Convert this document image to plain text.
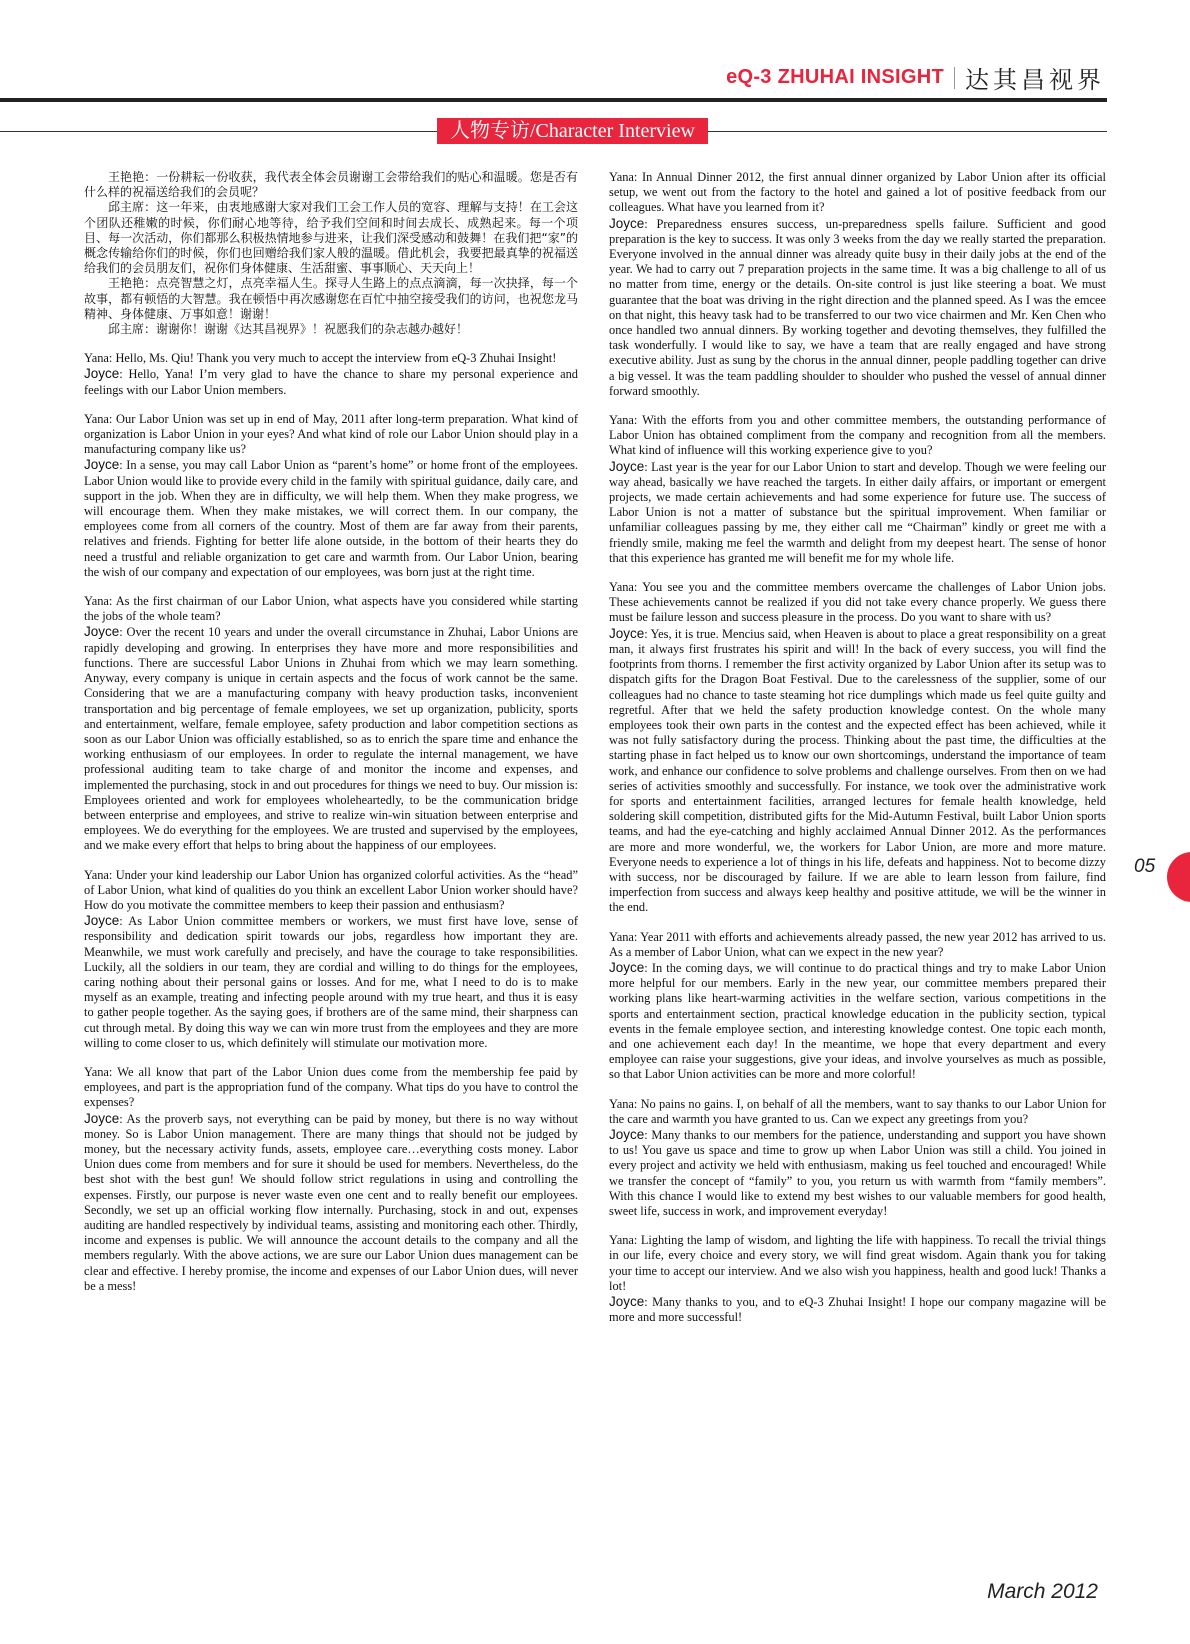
eQ-3 ZHUHAI INSIGHT 达其昌视界
人物专访/Character Interview

王艳艳：一份耕耘一份收获，我代表全体会员谢谢工会带给我们的贴心和温暖。您是否有什么样的祝福送给我们的会员呢？

邱主席：这一年来，由衷地感谢大家对我们工会工作人员的宽容、理解与支持！在工会这个团队还稚嫩的时候，你们耐心地等待，给予我们空间和时间去成长、成熟起来。每一个项目、每一次活动，你们都那么积极热情地参与进来，让我们深受感动和鼓舞！在我们把“家”的概念传输给你们的时候，你们也回赠给我们家人般的温暖。借此机会，我要把最真挚的祝福送给我们的会员朋友们，祝你们身体健康、生活甜蜜、事事顺心、天天向上！

王艳艳：点亮智慧之灯，点亮幸福人生。探寻人生路上的点点滴滴，每一次抉择，每一个故事，都有顿悟的大智慧。我在顿悟中再次感谢您在百忙中抽空接受我们的访问，也祝您龙马精神、身体健康、万事如意！谢谢！

邱主席：谢谢你！谢谢《达其昌视界》！祝愿我们的杂志越办越好！

Yana: Hello, Ms. Qiu! Thank you very much to accept the interview from eQ-3 Zhuhai Insight!

Joyce: Hello, Yana! I’m very glad to have the chance to share my personal experience and feelings with our Labor Union members.

Yana: Our Labor Union was set up in end of May, 2011 after long-term preparation. What kind of organization is Labor Union in your eyes? And what kind of role our Labor Union should play in a manufacturing company like us?

Joyce: In a sense, you may call Labor Union as “parent’s home” or home front of the employees. Labor Union would like to provide every child in the family with spiritual guidance, daily care, and support in the job. When they are in difficulty, we will help them. When they make progress, we will encourage them. When they make mistakes, we will correct them. In our company, the employees come from all corners of the country. Most of them are far away from their parents, relatives and friends. Fighting for better life alone outside, in the bottom of their hearts they do need a trustful and reliable organization to get care and warmth from. Our Labor Union, bearing the wish of our company and expectation of our employees, was born just at the right time.

Yana: As the first chairman of our Labor Union, what aspects have you considered while starting the jobs of the whole team?

Joyce: Over the recent 10 years and under the overall circumstance in Zhuhai, Labor Unions are rapidly developing and growing. In enterprises they have more and more responsibilities and functions. There are successful Labor Unions in Zhuhai from which we may learn something. Anyway, every company is unique in certain aspects and the focus of work cannot be the same. Considering that we are a manufacturing company with heavy production tasks, inconvenient transportation and big percentage of female employees, we set up organization, publicity, sports and entertainment, welfare, female employee, safety production and labor competition sections as soon as our Labor Union was officially established, so as to enrich the spare time and enhance the working enthusiasm of our employees. In order to regulate the internal management, we have professional auditing team to take charge of and monitor the income and expenses, and implemented the purchasing, stock in and out procedures for things we need to buy. Our mission is: Employees oriented and work for employees wholeheartedly, to be the communication bridge between enterprise and employees, and strive to realize win-win situation between enterprise and employees. We do everything for the employees. We are trusted and supervised by the employees, and we make every effort that helps to bring about the happiness of our employees.

Yana: Under your kind leadership our Labor Union has organized colorful activities. As the “head” of Labor Union, what kind of qualities do you think an excellent Labor Union worker should have? How do you motivate the committee members to keep their passion and enthusiasm?

Joyce: As Labor Union committee members or workers, we must first have love, sense of responsibility and dedication spirit towards our jobs, regardless how important they are. Meanwhile, we must work carefully and precisely, and have the courage to take responsibilities. Luckily, all the soldiers in our team, they are cordial and willing to do things for the employees, caring nothing about their personal gains or losses. And for me, what I need to do is to make myself as an example, treating and infecting people around with my true heart, and thus it is easy to gather people together. As the saying goes, if brothers are of the same mind, their sharpness can cut through metal. By doing this way we can win more trust from the employees and they are more willing to come closer to us, which definitely will stimulate our motivation more.

Yana: We all know that part of the Labor Union dues come from the membership fee paid by employees, and part is the appropriation fund of the company. What tips do you have to control the expenses?

Joyce: As the proverb says, not everything can be paid by money, but there is no way without money. So is Labor Union management. There are many things that should not be judged by money, but the necessary activity funds, assets, employee care…everything costs money. Labor Union dues come from members and for sure it should be used for members. Nevertheless, do the best shot with the best gun! We should follow strict regulations in using and controlling the expenses. Firstly, our purpose is never waste even one cent and to really benefit our employees. Secondly, we set up an official working flow internally. Purchasing, stock in and out, expenses auditing are handled respectively by individual teams, assisting and monitoring each other. Thirdly, income and expenses is public. We will announce the account details to the company and all the members regularly. With the above actions, we are sure our Labor Union dues management can be clear and effective. I hereby promise, the income and expenses of our Labor Union dues, will never be a mess!

Yana: In Annual Dinner 2012, the first annual dinner organized by Labor Union after its official setup, we went out from the factory to the hotel and gained a lot of positive feedback from our colleagues. What have you learned from it?

Joyce: Preparedness ensures success, un-preparedness spells failure. Sufficient and good preparation is the key to success. It was only 3 weeks from the day we really started the preparation. Everyone involved in the annual dinner was already quite busy in their daily jobs at the end of the year. We had to carry out 7 preparation projects in the same time. It was a big challenge to all of us no matter from time, energy or the details. On-site control is just like steering a boat. We must guarantee that the boat was driving in the right direction and the planned speed. As I was the emcee on that night, this heavy task had to be transferred to our two vice chairmen and Mr. Ken Chen who once handled two annual dinners. By working together and devoting themselves, they fulfilled the task wonderfully. I would like to say, we have a team that are really engaged and have strong executive ability. Just as sung by the chorus in the annual dinner, people paddling together can drive a big vessel. It was the team paddling shoulder to shoulder who pushed the vessel of annual dinner forward smoothly.

Yana: With the efforts from you and other committee members, the outstanding performance of Labor Union has obtained compliment from the company and recognition from all the members. What kind of influence will this working experience give to you?

Joyce: Last year is the year for our Labor Union to start and develop. Though we were feeling our way ahead, basically we have reached the targets. In either daily affairs, or important or emergent projects, we made certain achievements and had some experience for future use. The success of Labor Union is not a matter of substance but the spiritual improvement. When familiar or unfamiliar colleagues passing by me, they either call me “Chairman” kindly or greet me with a friendly smile, making me feel the warmth and delight from my deepest heart. The sense of honor that this experience has granted me will benefit me for my whole life.

Yana: You see you and the committee members overcame the challenges of Labor Union jobs. These achievements cannot be realized if you did not take every chance properly. We guess there must be failure lesson and success pleasure in the process. Do you want to share with us?

Joyce: Yes, it is true. Mencius said, when Heaven is about to place a great responsibility on a great man, it always first frustrates his spirit and will! In the back of every success, you will find the footprints from thorns. I remember the first activity organized by Labor Union after its setup was to dispatch gifts for the Dragon Boat Festival. Due to the carelessness of the supplier, some of our colleagues had no chance to taste steaming hot rice dumplings which made us feel quite guilty and regretful. After that we held the safety production knowledge contest. On the whole many employees took their own parts in the contest and the expected effect has been achieved, while it was not fully satisfactory during the process. Thinking about the past time, the difficulties at the starting phase in fact helped us to know our own shortcomings, understand the importance of team work, and enhance our confidence to solve problems and challenge ourselves. From then on we had series of activities smoothly and successfully. For instance, we took over the administrative work for sports and entertainment facilities, arranged lectures for female health knowledge, held soldering skill competition, distributed gifts for the Mid-Autumn Festival, built Labor Union sports teams, and had the eye-catching and highly acclaimed Annual Dinner 2012. As the performances are more and more wonderful, we, the workers for Labor Union, are more and more mature. Everyone needs to experience a lot of things in his life, defeats and happiness. Not to become dizzy with success, nor be discouraged by failure. If we are able to learn lesson from failure, find imperfection from success and always keep healthy and positive attitude, we will be the winner in the end.

Yana: Year 2011 with efforts and achievements already passed, the new year 2012 has arrived to us. As a member of Labor Union, what can we expect in the new year?

Joyce: In the coming days, we will continue to do practical things and try to make Labor Union more helpful for our members. Early in the new year, our committee members prepared their working plans like heart-warming activities in the welfare section, various competitions in the sports and entertainment section, practical knowledge education in the publicity section, typical events in the female employee section, and interesting knowledge contest. One topic each month, and one achievement each day! In the meantime, we hope that every department and every employee can raise your suggestions, give your ideas, and involve yourselves as much as possible, so that Labor Union activities can be more and more colorful!

Yana: No pains no gains. I, on behalf of all the members, want to say thanks to our Labor Union for the care and warmth you have granted to us. Can we expect any greetings from you?

Joyce: Many thanks to our members for the patience, understanding and support you have shown to us! You gave us space and time to grow up when Labor Union was still a child. You joined in every project and activity we held with enthusiasm, making us feel touched and encouraged! While we transfer the concept of “family” to you, you return us with warmth from “family members”. With this chance I would like to extend my best wishes to our valuable members for good health, sweet life, success in work, and improvement everyday!

Yana: Lighting the lamp of wisdom, and lighting the life with happiness. To recall the trivial things in our life, every choice and every story, we will find great wisdom. Again thank you for taking your time to accept our interview. And we also wish you happiness, health and good luck! Thanks a lot!

Joyce: Many thanks to you, and to eQ-3 Zhuhai Insight! I hope our company magazine will be more and more successful!

05
March 2012
